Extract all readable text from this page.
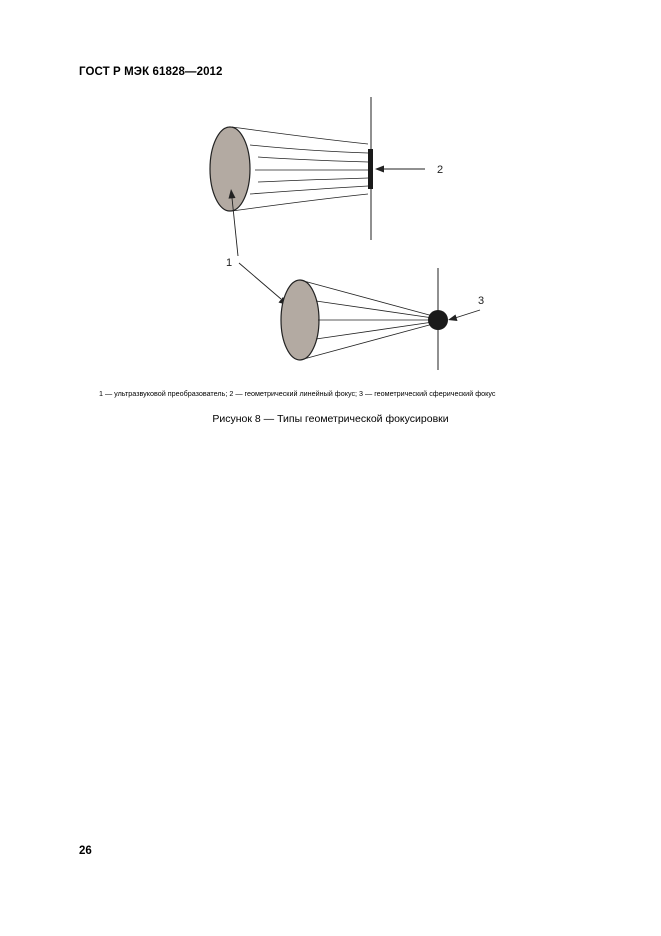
ГОСТ Р МЭК 61828—2012
2
1
3
1 — ультразвуковой преобразователь; 2 — геометрический линейный фокус; 3 — геометрический сферический фокус
Рисунок 8 — Типы геометрической фокусировки
26
